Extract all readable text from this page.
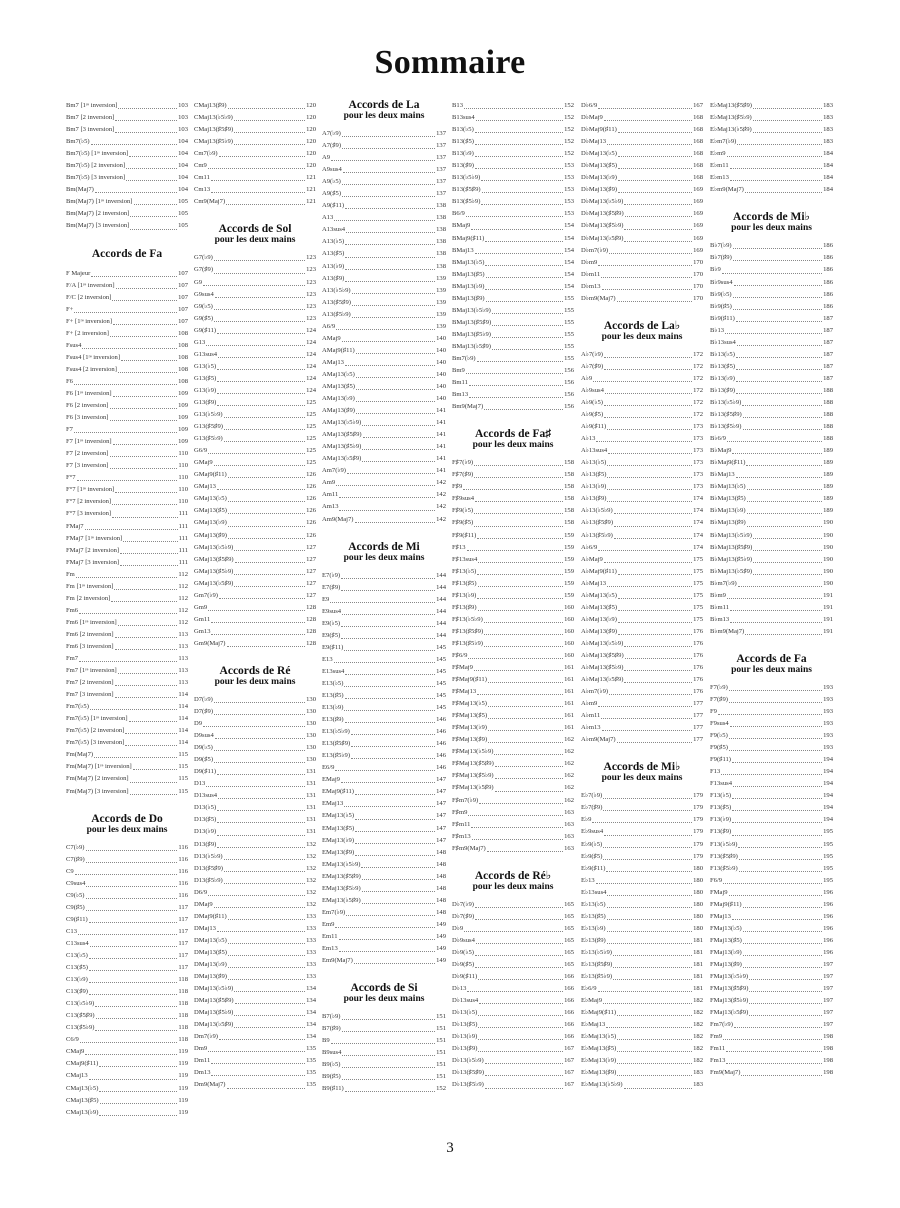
Sommaire
Bm7 [1ʳᵉ inversion]	103
Bm7 [2 inversion]	103
Bm7 [3 inversion]	103
Bm7(♭5)	104
Bm7(♭5) [1ʳᵉ inversion]	104
Bm7(♭5) [2 inversion]	104
Bm7(♭5) [3 inversion]	104
Bm(Maj7)	104
Bm(Maj7) [1ʳᵉ inversion]	105
Bm(Maj7) [2 inversion]	105
Bm(Maj7) [3 inversion]	105
Accords de Fa
F Majeur	107
F/A [1ʳᵉ inversion]	107
F/C [2 inversion]	107
F+	107
F+ [1ʳᵉ inversion]	107
F+ [2 inversion]	108
Fsus4	108
Fsus4 [1ʳᵉ inversion]	108
Fsus4 [2 inversion]	108
F6	108
F6 [1ʳᵉ inversion]	109
F6 [2 inversion]	109
F6 [3 inversion]	109
F7	109
F7 [1ʳᵉ inversion]	109
F7 [2 inversion]	110
F7 [3 inversion]	110
F°7	110
F°7 [1ʳᵉ inversion]	110
F°7 [2 inversion]	110
F°7 [3 inversion]	111
FMaj7	111
FMaj7 [1ʳᵉ inversion]	111
FMaj7 [2 inversion]	111
FMaj7 [3 inversion]	111
Fm	112
Fm [1ʳᵉ inversion]	112
Fm [2 inversion]	112
Fm6	112
Fm6 [1ʳᵉ inversion]	112
Fm6 [2 inversion]	113
Fm6 [3 inversion]	113
Fm7	113
Fm7 [1ʳᵉ inversion]	113
Fm7 [2 inversion]	113
Fm7 [3 inversion]	114
Fm7(♭5)	114
Fm7(♭5) [1ʳᵉ inversion]	114
Fm7(♭5) [2 inversion]	114
Fm7(♭5) [3 inversion]	114
Fm(Maj7)	115
Fm(Maj7) [1ʳᵉ inversion]	115
Fm(Maj7) [2 inversion]	115
Fm(Maj7) [3 inversion]	115
Accords de Do
pour les deux mains
C7(♭9)	116
C7(♯9)	116
C9	116
C9sus4	116
C9(♭5)	116
C9(♯5)	117
C9(♯11)	117
C13	117
C13sus4	117
C13(♭5)	117
C13(♯5)	117
C13(♭9)	118
C13(♯9)	118
C13(♭5♭9)	118
C13(♯5♯9)	118
C13(♯5♭9)	118
C6/9	118
CMaj9	119
CMaj9(♯11)	119
CMaj13	119
CMaj13(♭5)	119
CMaj13(♯5)	119
CMaj13(♭9)	119
CMaj13(♯9)	120
CMaj13(♭5♭9)	120
CMaj13(♯5♯9)	120
CMaj13(♯5♭9)	120
Cm7(♭9)	120
Cm9	120
Cm11	121
Cm13	121
Cm9(Maj7)	121
Accords de Sol
pour les deux mains
G7(♭9)	123
G7(♯9)	123
G9	123
G9sus4	123
G9(♭5)	123
G9(♯5)	123
G9(♯11)	124
G13	124
G13sus4	124
G13(♭5)	124
G13(♯5)	124
G13(♭9)	124
G13(♯9)	125
G13(♭5♭9)	125
G13(♯5♯9)	125
G13(♯5♭9)	125
G6/9	125
GMaj9	125
GMaj9(♯11)	126
GMaj13	126
GMaj13(♭5)	126
GMaj13(♯5)	126
GMaj13(♭9)	126
GMaj13(♯9)	126
GMaj13(♭5♭9)	127
GMaj13(♯5♯9)	127
GMaj13(♯5♭9)	127
GMaj13(♭5♯9)	127
Gm7(♭9)	127
Gm9	128
Gm11	128
Gm13	128
Gm9(Maj7)	128
Accords de Ré
pour les deux mains
D7(♭9)	130
D7(♯9)	130
D9	130
D9sus4	130
D9(♭5)	130
D9(♯5)	130
D9(♯11)	131
D13	131
D13sus4	131
D13(♭5)	131
D13(♯5)	131
D13(♭9)	131
D13(♯9)	132
D13(♭5♭9)	132
D13(♯5♯9)	132
D13(♯5♭9)	132
D6/9	132
DMaj9	132
DMaj9(♯11)	133
DMaj13	133
DMaj13(♭5)	133
DMaj13(♯5)	133
DMaj13(♭9)	133
DMaj13(♯9)	133
DMaj13(♭5♭9)	134
DMaj13(♯5♯9)	134
DMaj13(♯5♭9)	134
DMaj13(♭5♯9)	134
Dm7(♭9)	134
Dm9	135
Dm11	135
Dm13	135
Dm9(Maj7)	135
Accords de La
pour les deux mains
A7(♭9)	137
A7(♯9)	137
A9	137
A9sus4	137
A9(♭5)	137
A9(♯5)	137
A9(♯11)	138
A13	138
A13sus4	138
A13(♭5)	138
A13(♯5)	138
A13(♭9)	138
A13(♯9)	139
A13(♭5♭9)	139
A13(♯5♯9)	139
A13(♯5♭9)	139
A6/9	139
AMaj9	140
AMaj9(♯11)	140
AMaj13	140
AMaj13(♭5)	140
AMaj13(♯5)	140
AMaj13(♭9)	140
AMaj13(♯9)	141
AMaj13(♭5♭9)	141
AMaj13(♯5♯9)	141
AMaj13(♯5♭9)	141
AMaj13(♭5♯9)	141
Am7(♭9)	141
Am9	142
Am11	142
Am13	142
Am9(Maj7)	142
Accords de Mi
pour les deux mains
E7(♭9)	144
E7(♯9)	144
E9	144
E9sus4	144
E9(♭5)	144
E9(♯5)	144
E9(♯11)	145
E13	145
E13sus4	145
E13(♭5)	145
E13(♯5)	145
E13(♭9)	145
E13(♯9)	146
E13(♭5♭9)	146
E13(♯5♯9)	146
E13(♯5♭9)	146
E6/9	146
EMaj9	147
EMaj9(♯11)	147
EMaj13	147
EMaj13(♭5)	147
EMaj13(♯5)	147
EMaj13(♭9)	147
EMaj13(♯9)	148
EMaj13(♭5♭9)	148
EMaj13(♯5♯9)	148
EMaj13(♯5♭9)	148
EMaj13(♭5♯9)	148
Em7(♭9)	148
Em9	149
Em11	149
Em13	149
Em9(Maj7)	149
Accords de Si
pour les deux mains
B7(♭9)	151
B7(♯9)	151
B9	151
B9sus4	151
B9(♭5)	151
B9(♯5)	151
B9(♯11)	152
B13	152
B13sus4	152
B13(♭5)	152
B13(♯5)	152
B13(♭9)	152
B13(♯9)	153
B13(♭5♭9)	153
B13(♯5♯9)	153
B13(♯5♭9)	153
B6/9	153
BMaj9	154
BMaj9(♯11)	154
BMaj13	154
BMaj13(♭5)	154
BMaj13(♯5)	154
BMaj13(♭9)	154
BMaj13(♯9)	155
BMaj13(♭5♭9)	155
BMaj13(♯5♯9)	155
BMaj13(♯5♭9)	155
BMaj13(♭5♯9)	155
Bm7(♭9)	155
Bm9	156
Bm11	156
Bm13	156
Bm9(Maj7)	156
Accords de Fa♯
pour les deux mains
F♯7(♭9)	158
F♯7(♯9)	158
F♯9	158
F♯9sus4	158
F♯9(♭5)	158
F♯9(♯5)	158
F♯9(♯11)	159
F♯13	159
F♯13sus4	159
F♯13(♭5)	159
F♯13(♯5)	159
F♯13(♭9)	159
F♯13(♯9)	160
F♯13(♭5♭9)	160
F♯13(♯5♯9)	160
F♯13(♯5♭9)	160
F♯6/9	160
F♯Maj9	161
F♯Maj9(♯11)	161
F♯Maj13	161
F♯Maj13(♭5)	161
F♯Maj13(♯5)	161
F♯Maj13(♭9)	161
F♯Maj13(♯9)	162
F♯Maj13(♭5♭9)	162
F♯Maj13(♯5♯9)	162
F♯Maj13(♯5♭9)	162
F♯Maj13(♭5♯9)	162
F♯m7(♭9)	162
F♯m9	163
F♯m11	163
F♯m13	163
F♯m9(Maj7)	163
Accords de Ré♭
pour les deux mains
D♭7(♭9)	165
D♭7(♯9)	165
D♭9	165
D♭9sus4	165
D♭9(♭5)	165
D♭9(♯5)	165
D♭9(♯11)	166
D♭13	166
D♭13sus4	166
D♭13(♭5)	166
D♭13(♯5)	166
D♭13(♭9)	166
D♭13(♯9)	167
D♭13(♭5♭9)	167
D♭13(♯5♯9)	167
D♭13(♯5♭9)	167
D♭6/9	167
D♭Maj9	168
D♭Maj9(♯11)	168
D♭Maj13	168
D♭Maj13(♭5)	168
D♭Maj13(♯5)	168
D♭Maj13(♭9)	168
D♭Maj13(♯9)	169
D♭Maj13(♭5♭9)	169
D♭Maj13(♯5♯9)	169
D♭Maj13(♯5♭9)	169
D♭Maj13(♭5♯9)	169
D♭m7(♭9)	169
D♭m9	170
D♭m11	170
D♭m13	170
D♭m9(Maj7)	170
Accords de La♭
pour les deux mains
A♭7(♭9)	172
A♭7(♯9)	172
A♭9	172
A♭9sus4	172
A♭9(♭5)	172
A♭9(♯5)	172
A♭9(♯11)	173
A♭13	173
A♭13sus4	173
A♭13(♭5)	173
A♭13(♯5)	173
A♭13(♭9)	173
A♭13(♯9)	174
A♭13(♭5♭9)	174
A♭13(♯5♯9)	174
A♭13(♯5♭9)	174
A♭6/9	174
A♭Maj9	175
A♭Maj9(♯11)	175
A♭Maj13	175
A♭Maj13(♭5)	175
A♭Maj13(♯5)	175
A♭Maj13(♭9)	175
A♭Maj13(♯9)	176
A♭Maj13(♭5♭9)	176
A♭Maj13(♯5♯9)	176
A♭Maj13(♯5♭9)	176
A♭Maj13(♭5♯9)	176
A♭m7(♭9)	176
A♭m9	177
A♭m11	177
A♭m13	177
A♭m9(Maj7)	177
Accords de Mi♭
pour les deux mains
E♭7(♭9)	179
E♭7(♯9)	179
E♭9	179
E♭9sus4	179
E♭9(♭5)	179
E♭9(♯5)	179
E♭9(♯11)	180
E♭13	180
E♭13sus4	180
E♭13(♭5)	180
E♭13(♯5)	180
E♭13(♭9)	180
E♭13(♯9)	181
E♭13(♭5♭9)	181
E♭13(♯5♯9)	181
E♭13(♯5♭9)	181
E♭6/9	181
E♭Maj9	182
E♭Maj9(♯11)	182
E♭Maj13	182
E♭Maj13(♭5)	182
E♭Maj13(♯5)	182
E♭Maj13(♭9)	182
E♭Maj13(♯9)	183
E♭Maj13(♭5♭9)	183
E♭Maj13(♯5♯9)	183
E♭Maj13(♯5♭9)	183
E♭Maj13(♭5♯9)	183
E♭m7(♭9)	183
E♭m9	184
E♭m11	184
E♭m13	184
E♭m9(Maj7)	184
Accords de Mi♭
pour les deux mains
B♭7(♭9)	186
B♭7(♯9)	186
B♭9	186
B♭9sus4	186
B♭9(♭5)	186
B♭9(♯5)	186
B♭9(♯11)	187
B♭13	187
B♭13sus4	187
B♭13(♭5)	187
B♭13(♯5)	187
B♭13(♭9)	187
B♭13(♯9)	188
B♭13(♭5♭9)	188
B♭13(♯5♯9)	188
B♭13(♯5♭9)	188
B♭6/9	188
B♭Maj9	189
B♭Maj9(♯11)	189
B♭Maj13	189
B♭Maj13(♭5)	189
B♭Maj13(♯5)	189
B♭Maj13(♭9)	189
B♭Maj13(♯9)	190
B♭Maj13(♭5♭9)	190
B♭Maj13(♯5♯9)	190
B♭Maj13(♯5♭9)	190
B♭Maj13(♭5♯9)	190
B♭m7(♭9)	190
B♭m9	191
B♭m11	191
B♭m13	191
B♭m9(Maj7)	191
Accords de Fa
pour les deux mains
F7(♭9)	193
F7(♯9)	193
F9	193
F9sus4	193
F9(♭5)	193
F9(♯5)	193
F9(♯11)	194
F13	194
F13sus4	194
F13(♭5)	194
F13(♯5)	194
F13(♭9)	194
F13(♯9)	195
F13(♭5♭9)	195
F13(♯5♯9)	195
F13(♯5♭9)	195
F6/9	195
FMaj9	196
FMaj9(♯11)	196
FMaj13	196
FMaj13(♭5)	196
FMaj13(♯5)	196
FMaj13(♭9)	196
FMaj13(♯9)	197
FMaj13(♭5♭9)	197
FMaj13(♯5♯9)	197
FMaj13(♯5♭9)	197
FMaj13(♭5♯9)	197
Fm7(♭9)	197
Fm9	198
Fm11	198
Fm13	198
Fm9(Maj7)	198
3
